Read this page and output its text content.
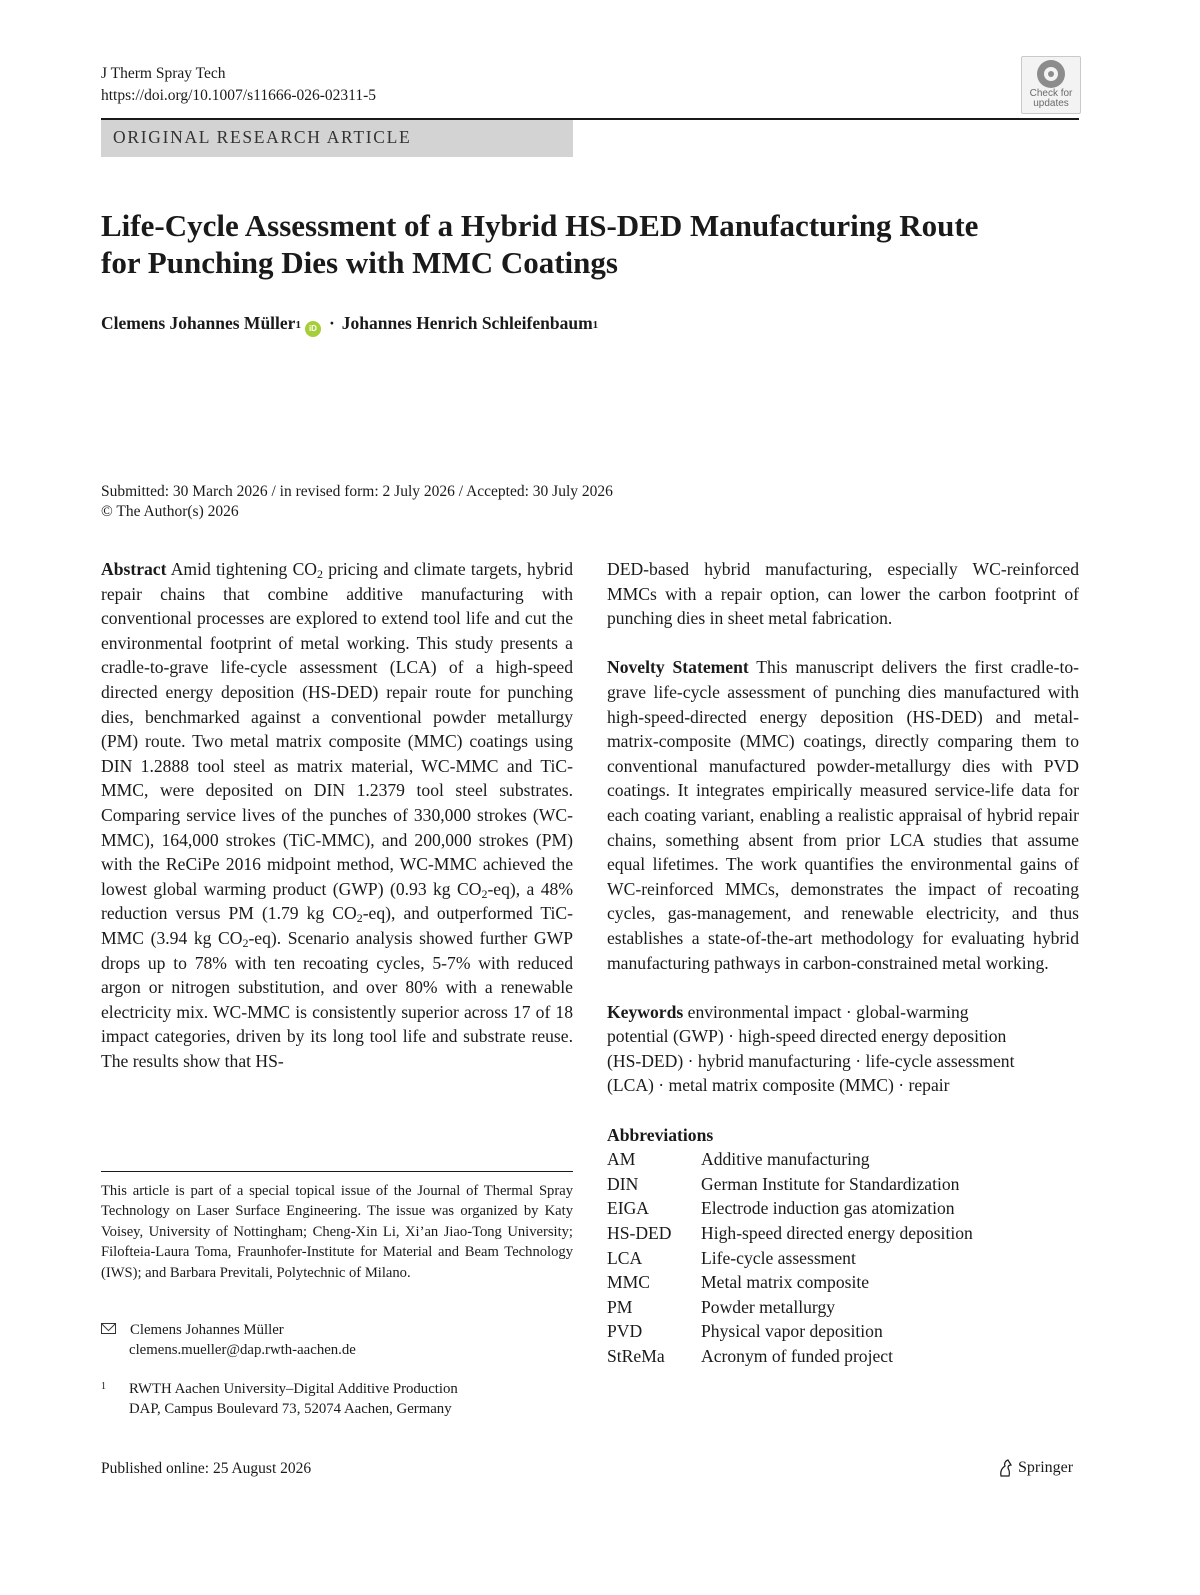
J Therm Spray Tech
https://doi.org/10.1007/s11666-026-02311-5	Check for
updates
ORIGINAL RESEARCH ARTICLE
Life-Cycle Assessment of a Hybrid HS-DED Manufacturing Route
for Punching Dies with MMC Coatings
Clemens Johannes Müller$^1$	iD · Johannes Henrich Schleifenbaum$^1$
Submitted: 30 March 2026 / in revised form: 2 July 2026 / Accepted: 30 July 2026
© The Author(s) 2026

Abstract Amid tightening $CO_2$ pricing and climate targets, hybrid repair chains that combine additive manufacturing with conventional processes are explored to extend tool life and cut the environmental footprint of metal working. This study presents a cradle-to-grave life-cycle assessment (LCA) of a high-speed directed energy deposition (HS-DED) repair route for punching dies, benchmarked against a conventional powder metallurgy (PM) route. Two metal matrix composite (MMC) coatings using DIN 1.2888 tool steel as matrix material, WC-MMC and TiC-MMC, were deposited on DIN 1.2379 tool steel substrates. Comparing service lives of the punches of 330,000 strokes (WC-MMC), 164,000 strokes (TiC-MMC), and 200,000 strokes (PM) with the ReCiPe 2016 midpoint method, WC-MMC achieved the lowest global warming product (GWP) (0.93 kg $CO_2-eq$), a 48% reduction versus PM (1.79 kg $CO_2-eq$), and outperformed TiC-MMC (3.94 kg $CO_2-eq$). Scenario analysis showed further GWP drops up to 78% with ten recoating cycles, 5-7% with reduced argon or nitrogen substitution, and over 80% with a renewable electricity mix. WC-MMC is consistently superior across 17 of 18 impact categories, driven by its long tool life and substrate reuse. The results show that HS-

This article is part of a special topical issue of the Journal of Thermal Spray Technology on Laser Surface Engineering. The issue was organized by Katy Voisey, University of Nottingham; Cheng-Xin Li, Xi’an Jiao-Tong University; Filofteia-Laura Toma, Fraunhofer-Institute for Material and Beam Technology (IWS); and Barbara Previtali, Polytechnic of Milano.

Clemens Johannes Müller
clemens.mueller@dap.rwth-aachen.de
1 RWTH Aachen University–Digital Additive Production
DAP, Campus Boulevard 73, 52074 Aachen, Germany

DED-based hybrid manufacturing, especially WC-reinforced MMCs with a repair option, can lower the carbon footprint of punching dies in sheet metal fabrication.

Novelty Statement This manuscript delivers the first cradle-to-grave life-cycle assessment of punching dies manufactured with high-speed-directed energy deposition (HS-DED) and metal-matrix-composite (MMC) coatings, directly comparing them to conventional manufactured powder-metallurgy dies with PVD coatings. It integrates empirically measured service-life data for each coating variant, enabling a realistic appraisal of hybrid repair chains, something absent from prior LCA studies that assume equal lifetimes. The work quantifies the environmental gains of WC-reinforced MMCs, demonstrates the impact of recoating cycles, gas-management, and renewable electricity, and thus establishes a state-of-the-art methodology for evaluating hybrid manufacturing pathways in carbon-constrained metal working.

Keywords environmental impact · global-warming
potential (GWP) · high-speed directed energy deposition
(HS-DED) · hybrid manufacturing · life-cycle assessment
(LCA) · metal matrix composite (MMC) · repair
Abbreviations
AM	Additive manufacturing
DIN	German Institute for Standardization
EIGA	Electrode induction gas atomization
HS-DED	High-speed directed energy deposition
LCA	Life-cycle assessment
MMC	Metal matrix composite
PM	Powder metallurgy
PVD	Physical vapor deposition
StReMa	Acronym of funded project
Published online: 25 August 2026	Springer
